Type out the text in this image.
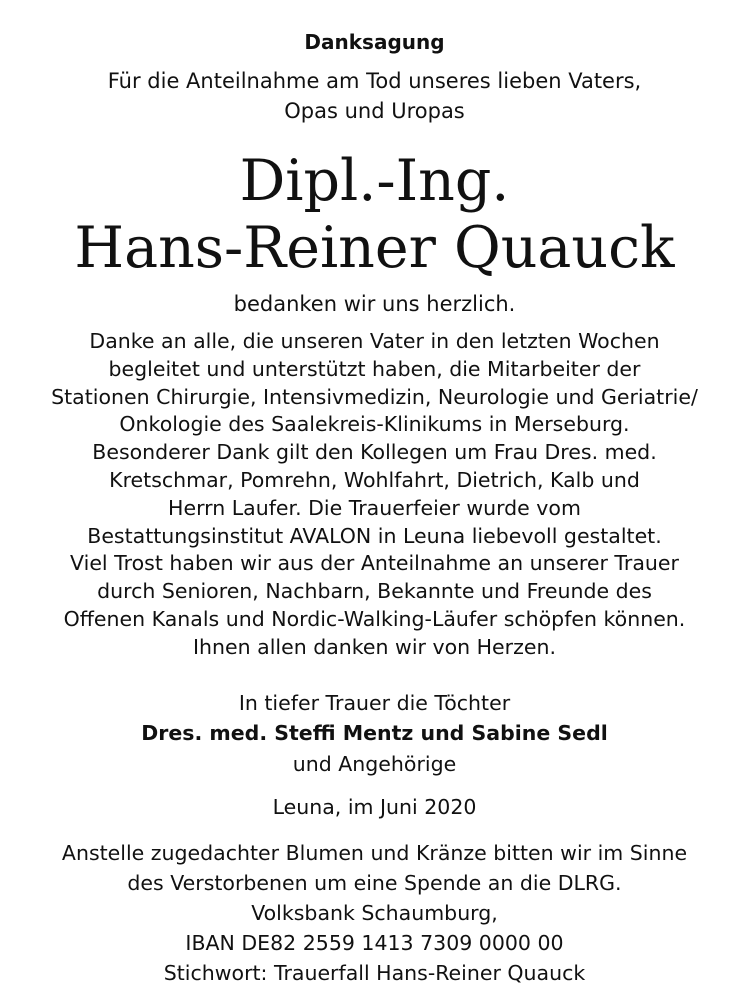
Danksagung
Für die Anteilnahme am Tod unseres lieben Vaters,
Opas und Uropas
Dipl.-Ing.
Hans-Reiner Quauck
bedanken wir uns herzlich.
Danke an alle, die unseren Vater in den letzten Wochen
begleitet und unterstützt haben, die Mitarbeiter der
Stationen Chirurgie, Intensivmedizin, Neurologie und Geriatrie/
Onkologie des Saalekreis-Klinikums in Merseburg.
Besonderer Dank gilt den Kollegen um Frau Dres. med.
Kretschmar, Pomrehn, Wohlfahrt, Dietrich, Kalb und
Herrn Laufer. Die Trauerfeier wurde vom
Bestattungsinstitut AVALON in Leuna liebevoll gestaltet.
Viel Trost haben wir aus der Anteilnahme an unserer Trauer
durch Senioren, Nachbarn, Bekannte und Freunde des
Offenen Kanals und Nordic-Walking-Läufer schöpfen können.
Ihnen allen danken wir von Herzen.
In tiefer Trauer die Töchter
Dres. med. Steffi Mentz und Sabine Sedl
und Angehörige
Leuna, im Juni 2020
Anstelle zugedachter Blumen und Kränze bitten wir im Sinne
des Verstorbenen um eine Spende an die DLRG.
Volksbank Schaumburg,
IBAN DE82 2559 1413 7309 0000 00
Stichwort: Trauerfall Hans-Reiner Quauck
